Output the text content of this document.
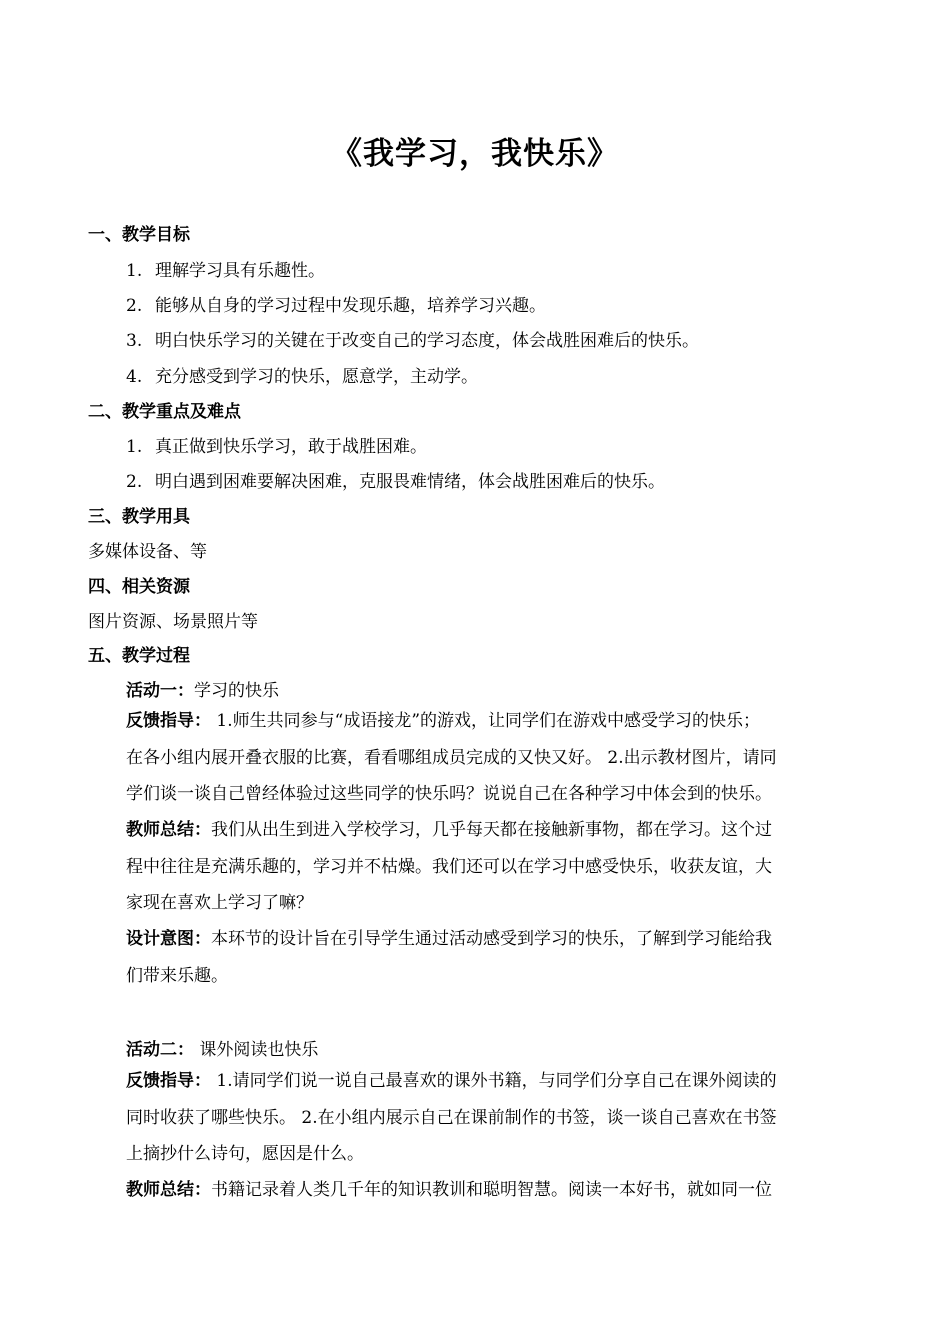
《我学习，我快乐》
一、教学目标
1. 理解学习具有乐趣性。
2. 能够从自身的学习过程中发现乐趣，培养学习兴趣。
3. 明白快乐学习的关键在于改变自己的学习态度，体会战胜困难后的快乐。
4. 充分感受到学习的快乐，愿意学，主动学。
二、教学重点及难点
1. 真正做到快乐学习，敢于战胜困难。
2. 明白遇到困难要解决困难，克服畏难情绪，体会战胜困难后的快乐。
三、教学用具
多媒体设备、等
四、相关资源
图片资源、场景照片等
五、教学过程
活动一：学习的快乐
反馈指导： 1.师生共同参与“成语接龙”的游戏，让同学们在游戏中感受学习的快乐；
在各小组内展开叠衣服的比赛，看看哪组成员完成的又快又好。 2.出示教材图片，请同
学们谈一谈自己曾经体验过这些同学的快乐吗？说说自己在各种学习中体会到的快乐。
教师总结：我们从出生到进入学校学习，几乎每天都在接触新事物，都在学习。这个过
程中往往是充满乐趣的，学习并不枯燥。我们还可以在学习中感受快乐，收获友谊，大
家现在喜欢上学习了嘛？
设计意图：本环节的设计旨在引导学生通过活动感受到学习的快乐，了解到学习能给我
们带来乐趣。
活动二： 课外阅读也快乐
反馈指导： 1.请同学们说一说自己最喜欢的课外书籍，与同学们分享自己在课外阅读的
同时收获了哪些快乐。 2.在小组内展示自己在课前制作的书签，谈一谈自己喜欢在书签
上摘抄什么诗句，愿因是什么。
教师总结：书籍记录着人类几千年的知识教训和聪明智慧。阅读一本好书，就如同一位
